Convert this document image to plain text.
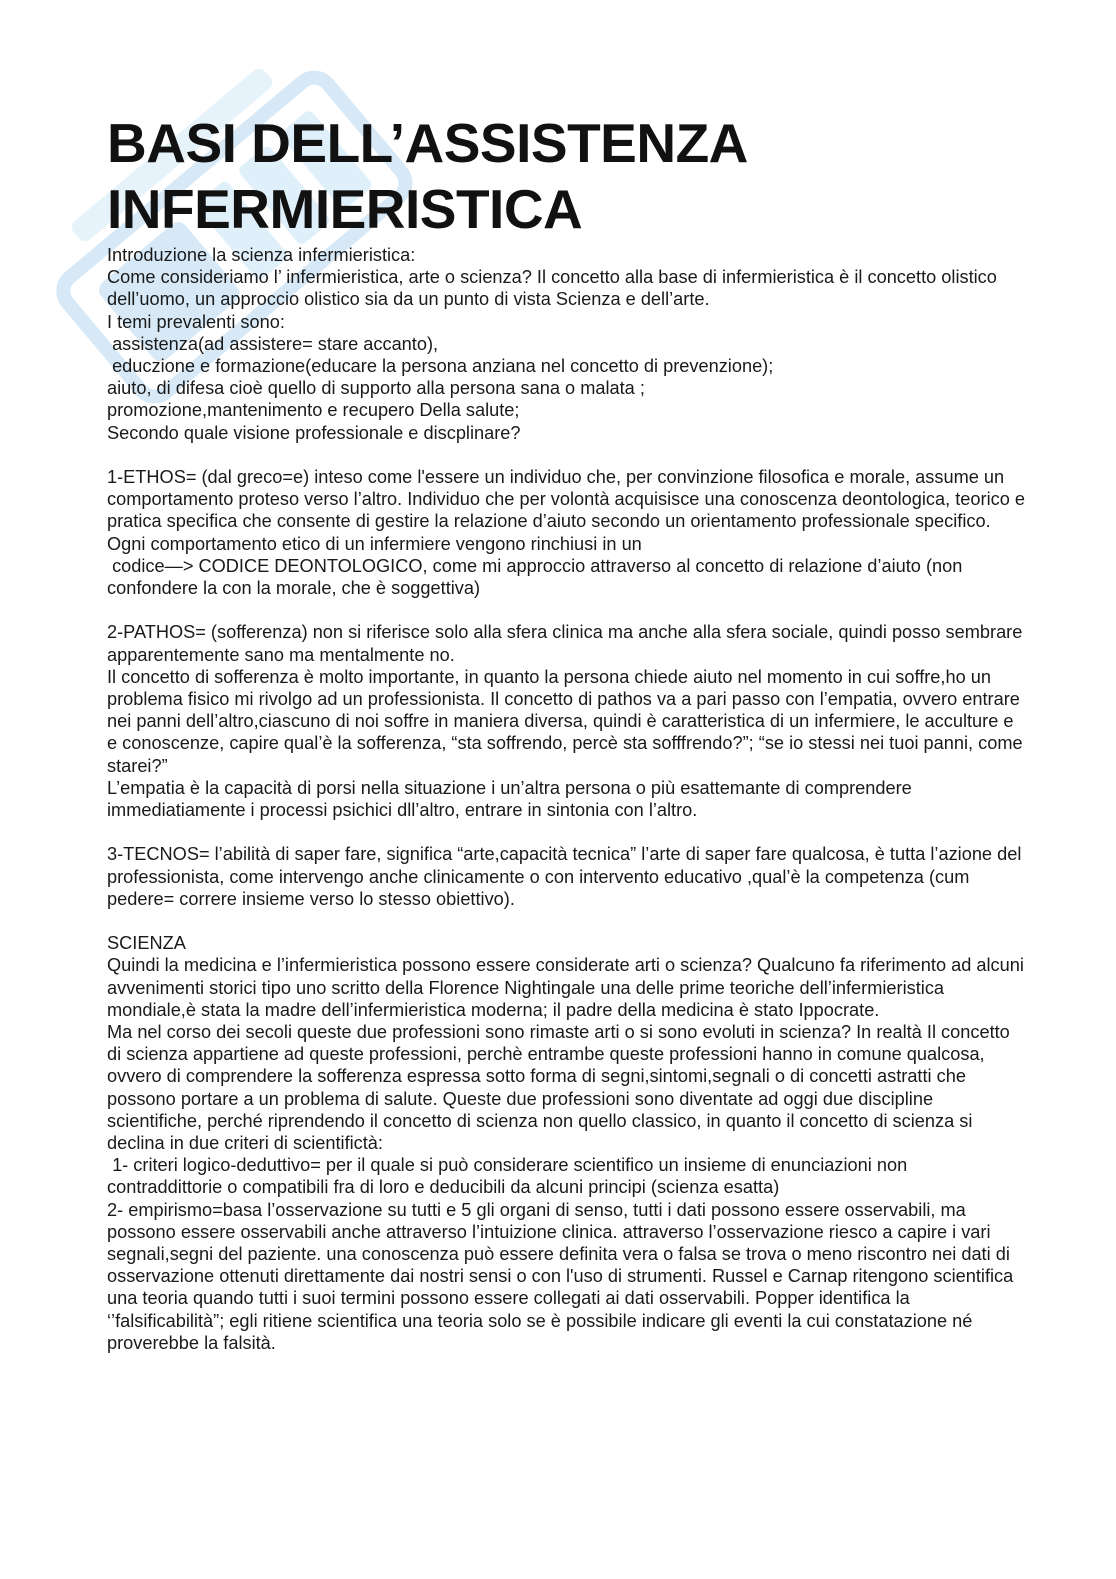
BASI DELL’ASSISTENZA
INFERMIERISTICA

Introduzione la scienza infermieristica:

Come consideriamo l’ infermieristica, arte o scienza? Il concetto alla base di infermieristica è il concetto olistico dell’uomo, un approccio olistico sia da un punto di vista Scienza e dell’arte.

I temi prevalenti sono:

assistenza(ad assistere= stare accanto),

educzione e formazione(educare la persona anziana nel concetto di prevenzione);

aiuto, di difesa cioè quello di supporto alla persona sana o malata ;

promozione,mantenimento e recupero Della salute;

Secondo quale visione professionale e discplinare?

1-ETHOS= (dal greco=e) inteso come l'essere un individuo che, per convinzione filosofica e morale, assume un comportamento proteso verso l’altro. Individuo che per volontà acquisisce una conoscenza deontologica, teorico e pratica specifica che consente di gestire la relazione d’aiuto secondo un orientamento professionale specifico. Ogni comportamento etico di un infermiere vengono rinchiusi in un

codice—> CODICE DEONTOLOGICO, come mi approccio attraverso al concetto di relazione d’aiuto (non confondere la con la morale, che è soggettiva)

2-PATHOS= (sofferenza) non si riferisce solo alla sfera clinica ma anche alla sfera sociale, quindi posso sembrare apparentemente sano ma mentalmente no.

Il concetto di sofferenza è molto importante, in quanto la persona chiede aiuto nel momento in cui soffre,ho un problema fisico mi rivolgo ad un professionista. Il concetto di pathos va a pari passo con l’empatia, ovvero entrare nei panni dell’altro,ciascuno di noi soffre in maniera diversa, quindi è caratteristica di un infermiere, le acculture e e conoscenze, capire qual’è la sofferenza, “sta soffrendo, percè sta sofffrendo?”; “se io stessi nei tuoi panni, come starei?”

L’empatia è la capacità di porsi nella situazione i un’altra persona o più esattemante di comprendere immediatiamente i processi psichici dll’altro, entrare in sintonia con l’altro.

3-TECNOS= l’abilità di saper fare, significa “arte,capacità tecnica” l’arte di saper fare qualcosa, è tutta l’azione del professionista, come intervengo anche clinicamente o con intervento educativo ,qual’è la competenza (cum pedere= correre insieme verso lo stesso obiettivo).

SCIENZA

Quindi la medicina e l’infermieristica possono essere considerate arti o scienza? Qualcuno fa riferimento ad alcuni avvenimenti storici tipo uno scritto della Florence Nightingale una delle prime teoriche dell’infermieristica mondiale,è stata la madre dell’infermieristica moderna; il padre della medicina è stato Ippocrate.

Ma nel corso dei secoli queste due professioni sono rimaste arti o si sono evoluti in scienza? In realtà Il concetto di scienza appartiene ad queste professioni, perchè entrambe queste professioni hanno in comune qualcosa, ovvero di comprendere la sofferenza espressa sotto forma di segni,sintomi,segnali o di concetti astratti che possono portare a un problema di salute. Queste due professioni sono diventate ad oggi due discipline scientifiche, perché riprendendo il concetto di scienza non quello classico, in quanto il concetto di scienza si declina in due criteri di scientifictà:

1- criteri logico-deduttivo= per il quale si può considerare scientifico un insieme di enunciazioni non contraddittorie o compatibili fra di loro e deducibili da alcuni principi (scienza esatta)

2- empirismo=basa l’osservazione su tutti e 5 gli organi di senso, tutti i dati possono essere osservabili, ma possono essere osservabili anche attraverso l’intuizione clinica. attraverso l’osservazione riesco a capire i vari segnali,segni del paziente. una conoscenza può essere definita vera o falsa se trova o meno riscontro nei dati di osservazione ottenuti direttamente dai nostri sensi o con l'uso di strumenti. Russel e Carnap ritengono scientifica una teoria quando tutti i suoi termini possono essere collegati ai dati osservabili. Popper identifica la ‘’falsificabilità”; egli ritiene scientifica una teoria solo se è possibile indicare gli eventi la cui constatazione né proverebbe la falsità.
